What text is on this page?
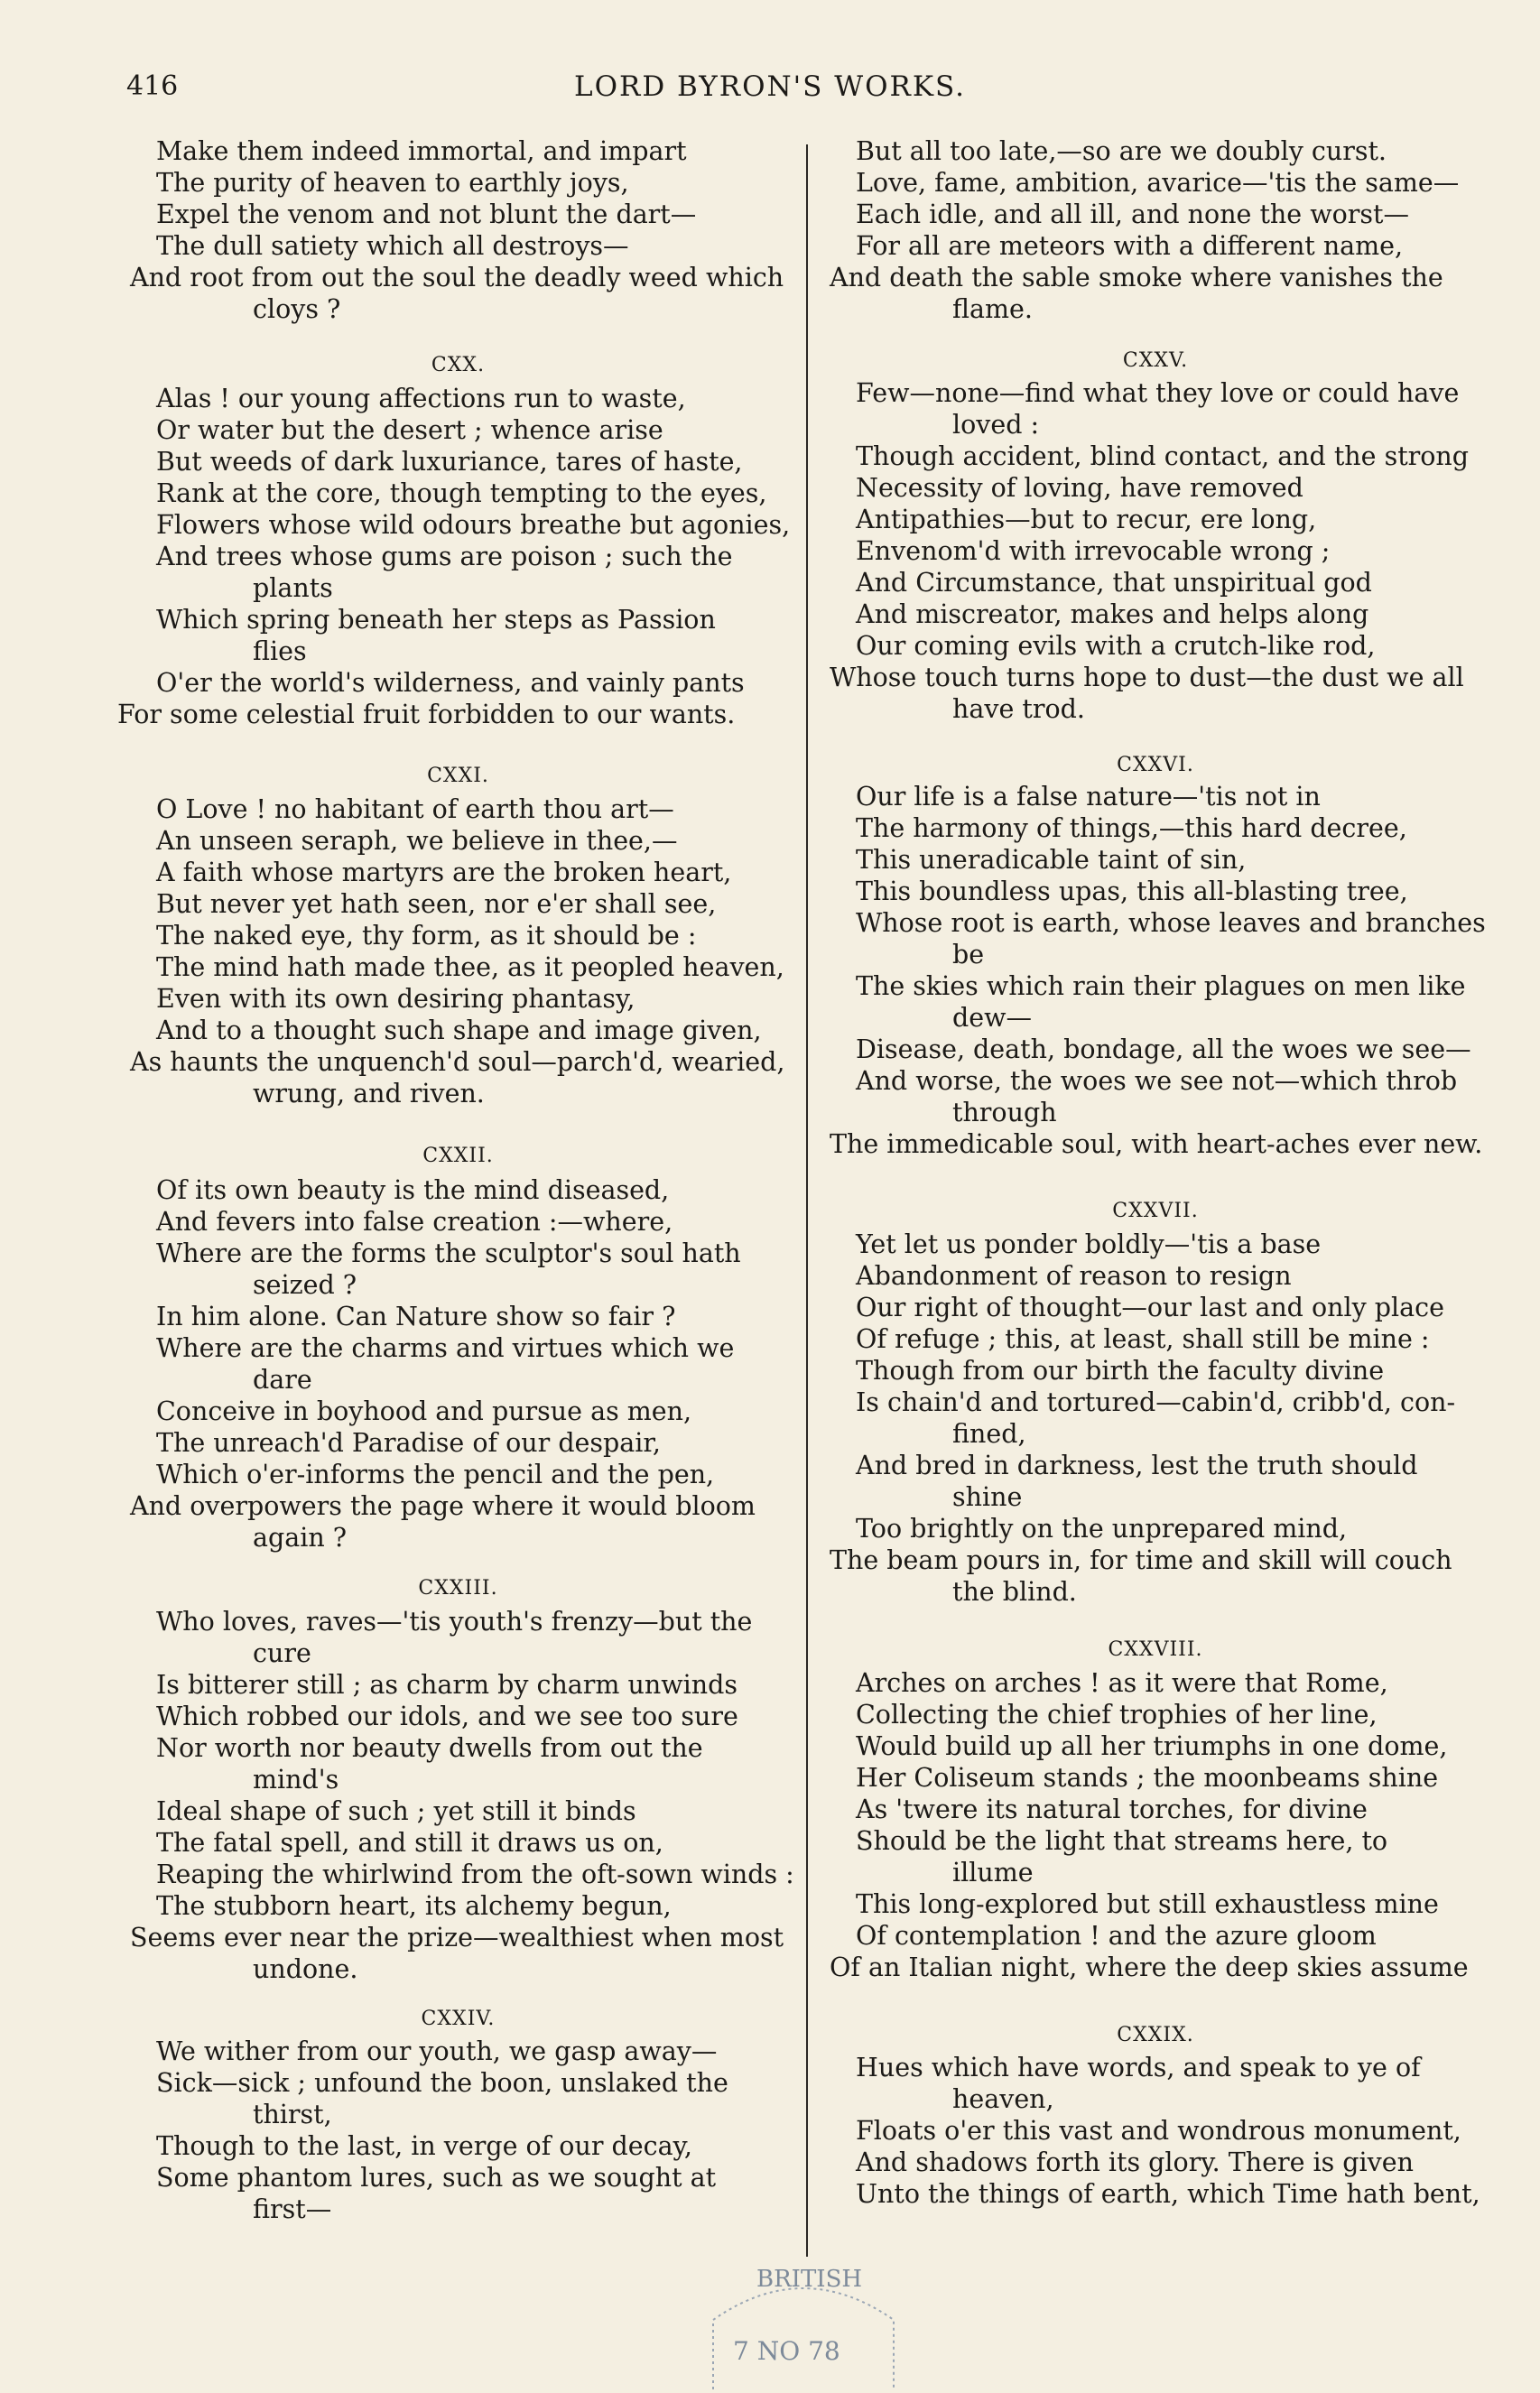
416	LORD BYRON'S WORKS.
Make them indeed immortal, and impart
The purity of heaven to earthly joys,
Expel the venom and not blunt the dart—
The dull satiety which all destroys—
And root from out the soul the deadly weed which
cloys ?
CXX.
Alas ! our young affections run to waste,
Or water but the desert ; whence arise
But weeds of dark luxuriance, tares of haste,
Rank at the core, though tempting to the eyes,
Flowers whose wild odours breathe but agonies,
And trees whose gums are poison ; such the
plants
Which spring beneath her steps as Passion
flies
O'er the world's wilderness, and vainly pants
For some celestial fruit forbidden to our wants.
CXXI.
O Love ! no habitant of earth thou art—
An unseen seraph, we believe in thee,—
A faith whose martyrs are the broken heart,
But never yet hath seen, nor e'er shall see,
The naked eye, thy form, as it should be :
The mind hath made thee, as it peopled heaven,
Even with its own desiring phantasy,
And to a thought such shape and image given,
As haunts the unquench'd soul—parch'd, wearied,
wrung, and riven.
CXXII.
Of its own beauty is the mind diseased,
And fevers into false creation :—where,
Where are the forms the sculptor's soul hath
seized ?
In him alone. Can Nature show so fair ?
Where are the charms and virtues which we
dare
Conceive in boyhood and pursue as men,
The unreach'd Paradise of our despair,
Which o'er-informs the pencil and the pen,
And overpowers the page where it would bloom
again ?
CXXIII.
Who loves, raves—'tis youth's frenzy—but the
cure
Is bitterer still ; as charm by charm unwinds
Which robbed our idols, and we see too sure
Nor worth nor beauty dwells from out the
mind's
Ideal shape of such ; yet still it binds
The fatal spell, and still it draws us on,
Reaping the whirlwind from the oft-sown winds :
The stubborn heart, its alchemy begun,
Seems ever near the prize—wealthiest when most
undone.
CXXIV.
We wither from our youth, we gasp away—
Sick—sick ; unfound the boon, unslaked the
thirst,
Though to the last, in verge of our decay,
Some phantom lures, such as we sought at
first—
But all too late,—so are we doubly curst.
Love, fame, ambition, avarice—'tis the same—
Each idle, and all ill, and none the worst—
For all are meteors with a different name,
And death the sable smoke where vanishes the
flame.
CXXV.
Few—none—find what they love or could have
loved :
Though accident, blind contact, and the strong
Necessity of loving, have removed
Antipathies—but to recur, ere long,
Envenom'd with irrevocable wrong ;
And Circumstance, that unspiritual god
And miscreator, makes and helps along
Our coming evils with a crutch-like rod,
Whose touch turns hope to dust—the dust we all
have trod.
CXXVI.
Our life is a false nature—'tis not in
The harmony of things,—this hard decree,
This uneradicable taint of sin,
This boundless upas, this all-blasting tree,
Whose root is earth, whose leaves and branches
be
The skies which rain their plagues on men like
dew—
Disease, death, bondage, all the woes we see—
And worse, the woes we see not—which throb
through
The immedicable soul, with heart-aches ever new.
CXXVII.
Yet let us ponder boldly—'tis a base
Abandonment of reason to resign
Our right of thought—our last and only place
Of refuge ; this, at least, shall still be mine :
Though from our birth the faculty divine
Is chain'd and tortured—cabin'd, cribb'd, con-
fined,
And bred in darkness, lest the truth should
shine
Too brightly on the unprepared mind,
The beam pours in, for time and skill will couch
the blind.
CXXVIII.
Arches on arches ! as it were that Rome,
Collecting the chief trophies of her line,
Would build up all her triumphs in one dome,
Her Coliseum stands ; the moonbeams shine
As 'twere its natural torches, for divine
Should be the light that streams here, to
illume
This long-explored but still exhaustless mine
Of contemplation ! and the azure gloom
Of an Italian night, where the deep skies assume
CXXIX.
Hues which have words, and speak to ye of
heaven,
Floats o'er this vast and wondrous monument,
And shadows forth its glory. There is given
Unto the things of earth, which Time hath bent,
BRITISH
7 NO 78
